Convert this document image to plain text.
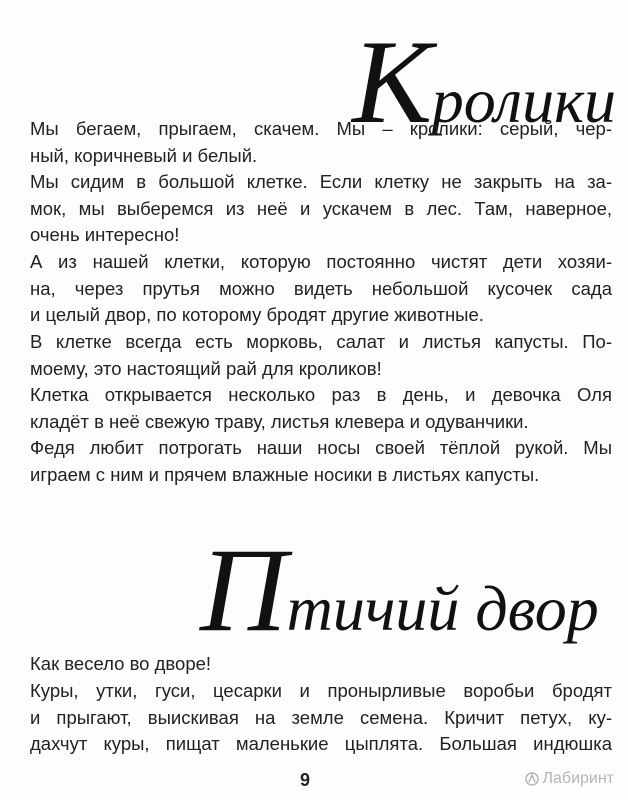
Кролики
Мы бегаем, прыгаем, скачем. Мы – кролики: серый, чер-
ный, коричневый и белый.
Мы сидим в большой клетке. Если клетку не закрыть на за-
мок, мы выберемся из неё и ускачем в лес. Там, наверное,
очень интересно!
А из нашей клетки, которую постоянно чистят дети хозяи-
на, через прутья можно видеть небольшой кусочек сада
и целый двор, по которому бродят другие животные.
В клетке всегда есть морковь, салат и листья капусты. По-
моему, это настоящий рай для кроликов!
Клетка открывается несколько раз в день, и девочка Оля
кладёт в неё свежую траву, листья клевера и одуванчики.
Федя любит потрогать наши носы своей тёплой рукой. Мы
играем с ним и прячем влажные носики в листьях капусты.
Птичий двор
Как весело во дворе!
Куры, утки, гуси, цесарки и пронырливые воробьи бродят
и прыгают, выискивая на земле семена. Кричит петух, ку-
дахчут куры, пищат маленькие цыплята. Большая индюшка
9	Лабиринт
